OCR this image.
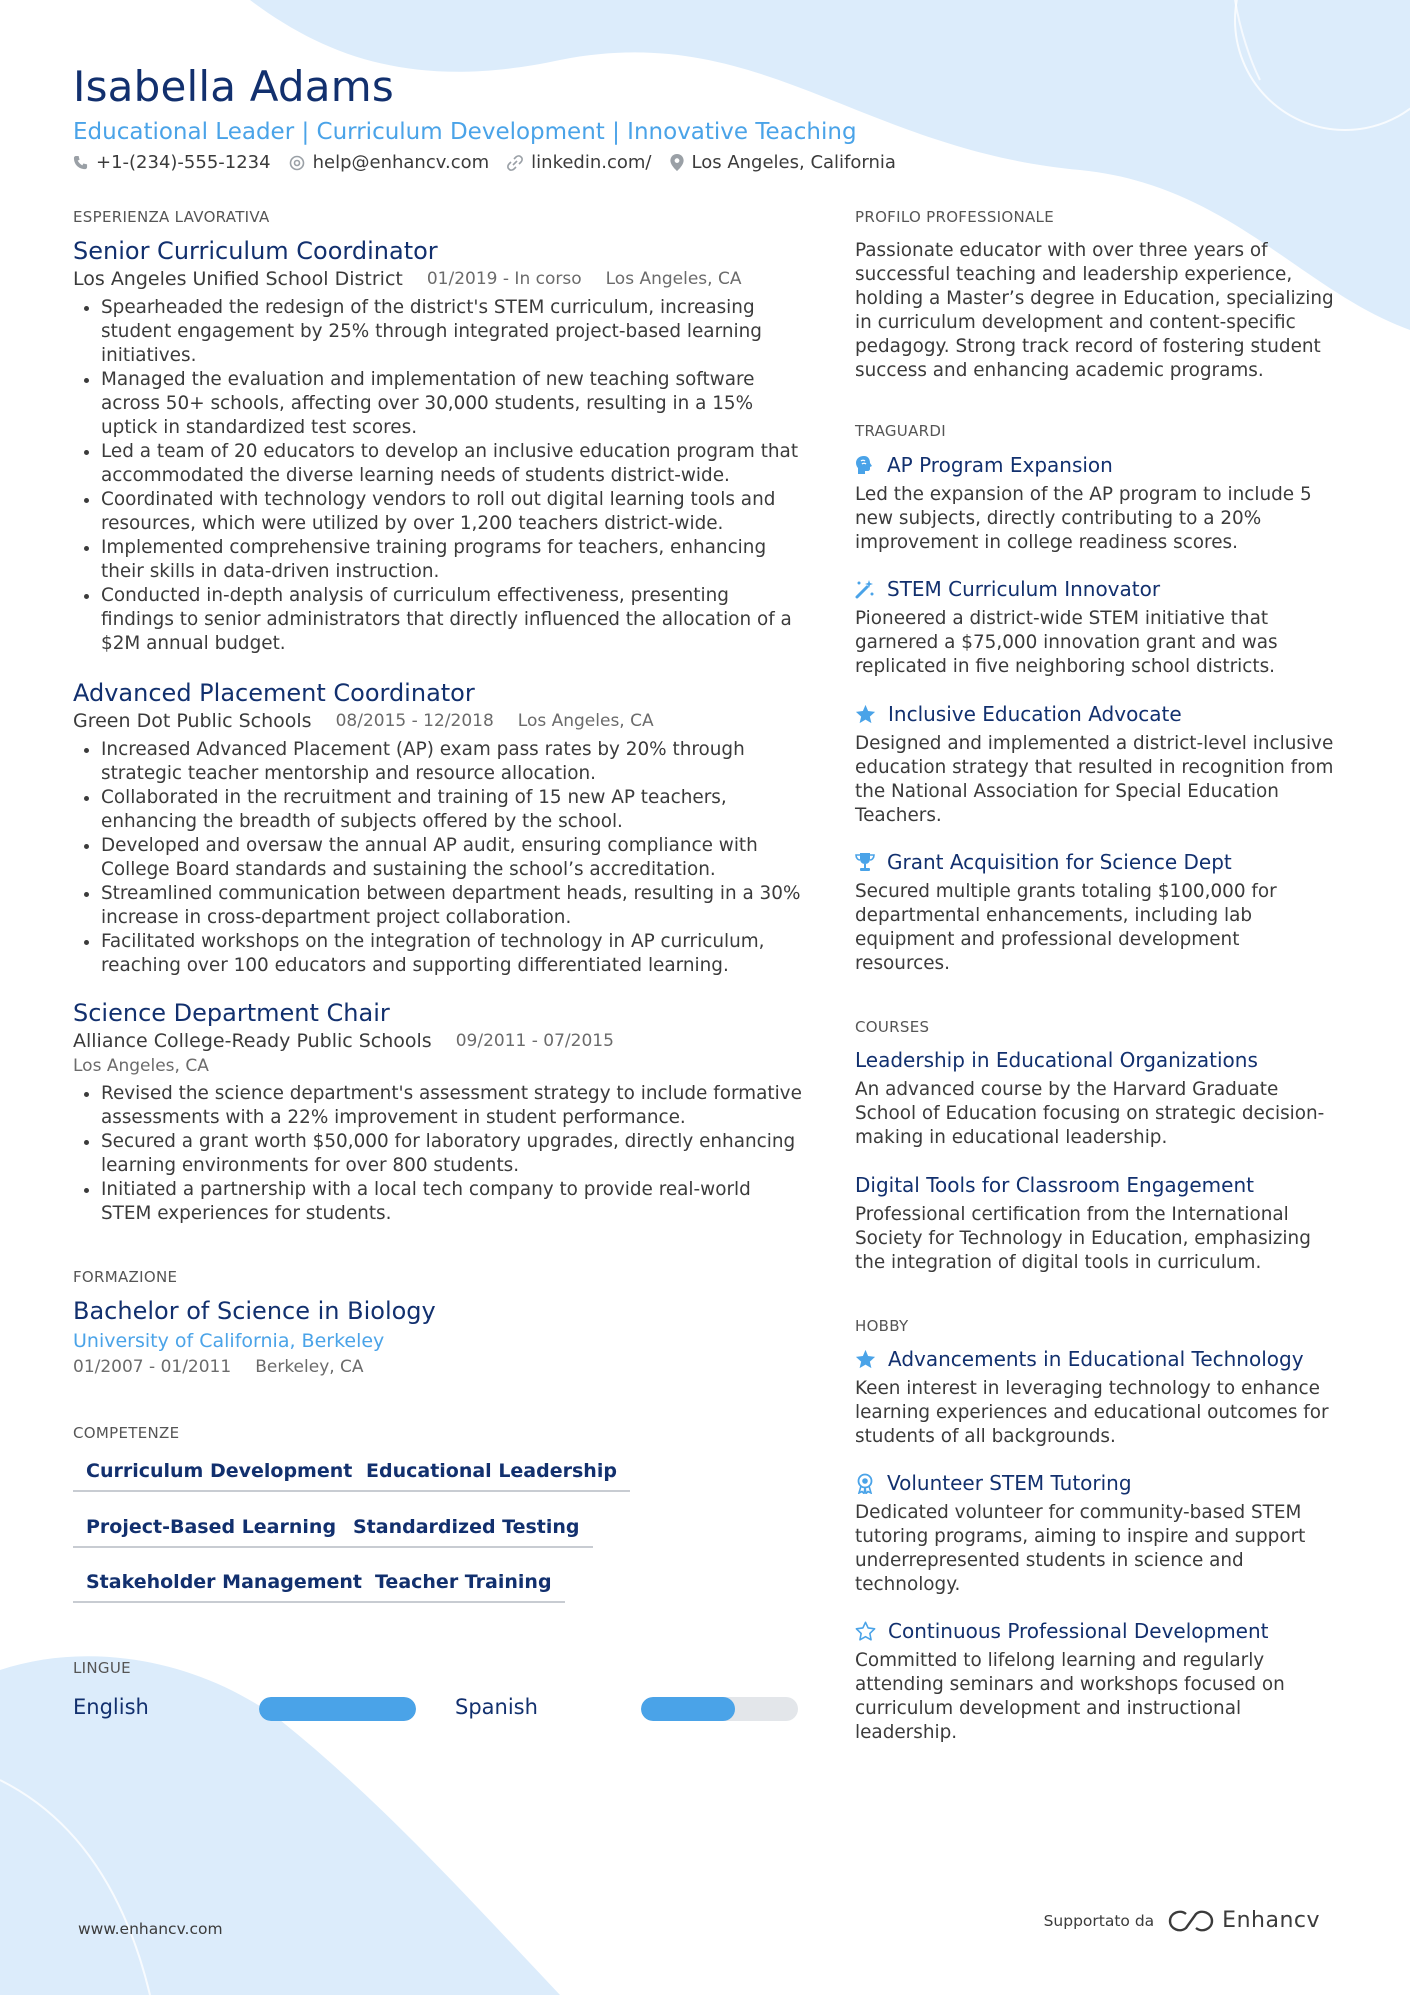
Isabella Adams
Educational Leader | Curriculum Development | Innovative Teaching
+1-(234)-555-1234 help@enhancv.com linkedin.com/ Los Angeles, California
ESPERIENZA LAVORATIVA
Senior Curriculum Coordinator
Los Angeles Unified School District 01/2019 - In corso Los Angeles, CA
• Spearheaded the redesign of the district's STEM curriculum, increasing student engagement by 25% through integrated project-based learning initiatives.
• Managed the evaluation and implementation of new teaching software across 50+ schools, affecting over 30,000 students, resulting in a 15% uptick in standardized test scores.
• Led a team of 20 educators to develop an inclusive education program that accommodated the diverse learning needs of students district-wide.
• Coordinated with technology vendors to roll out digital learning tools and resources, which were utilized by over 1,200 teachers district-wide.
• Implemented comprehensive training programs for teachers, enhancing their skills in data-driven instruction.
• Conducted in-depth analysis of curriculum effectiveness, presenting findings to senior administrators that directly influenced the allocation of a $2M annual budget.
Advanced Placement Coordinator
Green Dot Public Schools 08/2015 - 12/2018 Los Angeles, CA
• Increased Advanced Placement (AP) exam pass rates by 20% through strategic teacher mentorship and resource allocation.
• Collaborated in the recruitment and training of 15 new AP teachers, enhancing the breadth of subjects offered by the school.
• Developed and oversaw the annual AP audit, ensuring compliance with College Board standards and sustaining the school’s accreditation.
• Streamlined communication between department heads, resulting in a 30% increase in cross-department project collaboration.
• Facilitated workshops on the integration of technology in AP curriculum, reaching over 100 educators and supporting differentiated learning.
Science Department Chair
Alliance College-Ready Public Schools 09/2011 - 07/2015
Los Angeles, CA
• Revised the science department's assessment strategy to include formative assessments with a 22% improvement in student performance.
• Secured a grant worth $50,000 for laboratory upgrades, directly enhancing learning environments for over 800 students.
• Initiated a partnership with a local tech company to provide real-world STEM experiences for students.
FORMAZIONE
Bachelor of Science in Biology
University of California, Berkeley
01/2007 - 01/2011 Berkeley, CA
COMPETENZE
Curriculum Development Educational Leadership
Project-Based Learning Standardized Testing
Stakeholder Management Teacher Training
LINGUE
English	Spanish
PROFILO PROFESSIONALE
Passionate educator with over three years of successful teaching and leadership experience, holding a Master’s degree in Education, specializing in curriculum development and content-specific pedagogy. Strong track record of fostering student success and enhancing academic programs.
TRAGUARDI
AP Program Expansion
Led the expansion of the AP program to include 5 new subjects, directly contributing to a 20% improvement in college readiness scores.
STEM Curriculum Innovator
Pioneered a district-wide STEM initiative that garnered a $75,000 innovation grant and was replicated in five neighboring school districts.
Inclusive Education Advocate
Designed and implemented a district-level inclusive education strategy that resulted in recognition from the National Association for Special Education Teachers.
Grant Acquisition for Science Dept
Secured multiple grants totaling $100,000 for departmental enhancements, including lab equipment and professional development resources.
COURSES
Leadership in Educational Organizations
An advanced course by the Harvard Graduate School of Education focusing on strategic decision-making in educational leadership.
Digital Tools for Classroom Engagement
Professional certification from the International Society for Technology in Education, emphasizing the integration of digital tools in curriculum.
HOBBY
Advancements in Educational Technology
Keen interest in leveraging technology to enhance learning experiences and educational outcomes for students of all backgrounds.
Volunteer STEM Tutoring
Dedicated volunteer for community-based STEM tutoring programs, aiming to inspire and support underrepresented students in science and technology.
Continuous Professional Development
Committed to lifelong learning and regularly attending seminars and workshops focused on curriculum development and instructional leadership.
www.enhancv.com	Supportato da	Enhancv
